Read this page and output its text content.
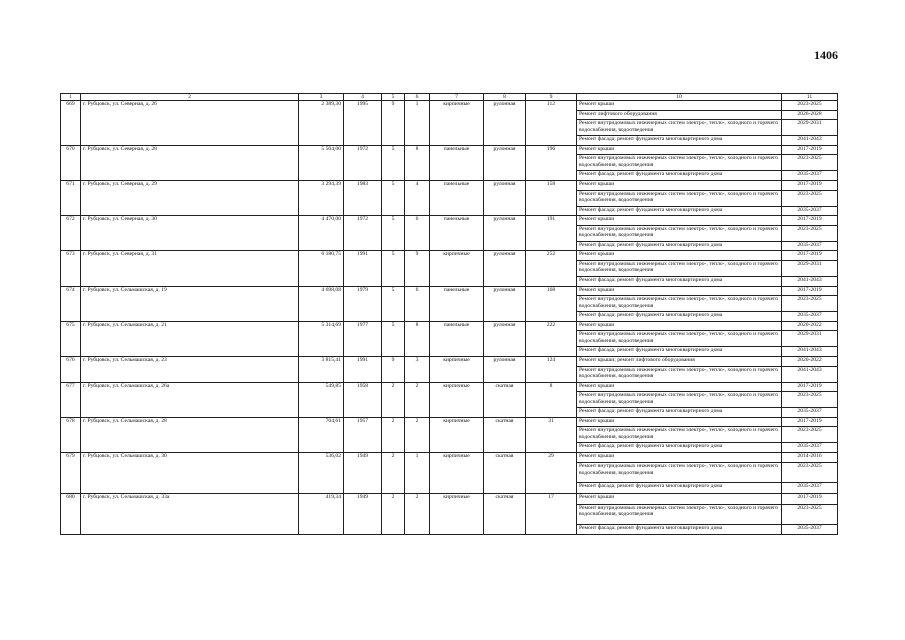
1406
1	2	3	4	5	6	7	8	9	10	11
669	г. Рубцовск, ул. Северная, д. 26	2 389,30	1995	9	1	кирпичные	рулонная	112	Ремонт крыши	2023-2025
									Ремонт лифтового оборудования	2026-2028
									Ремонт внутридомовых инженерных систем электро-, тепло-, холодного и горячего водоснабжения, водоотведения	2029-2031
									Ремонт фасада; ремонт фундамента многоквартирного дома	2041-2043
670	г. Рубцовск, ул. Северная, д. 28	5 504,00	1972	5	8	панельные	рулонная	196	Ремонт крыши	2017-2019
									Ремонт внутридомовых инженерных систем электро-, тепло-, холодного и горячего водоснабжения, водоотведения	2023-2025
									Ремонт фасада; ремонт фундамента многоквартирного дома	2035-2037
671	г. Рубцовск, ул. Северная, д. 29	3 294,39	1983	5	4	панельные	рулонная	158	Ремонт крыши	2017-2019
									Ремонт внутридомовых инженерных систем электро-, тепло-, холодного и горячего водоснабжения, водоотведения	2023-2025
									Ремонт фасада; ремонт фундамента многоквартирного дома	2035-2037
672	г. Рубцовск, ул. Северная, д. 30	4 470,00	1972	5	6	панельные	рулонная	191	Ремонт крыши	2017-2019
									Ремонт внутридомовых инженерных систем электро-, тепло-, холодного и горячего водоснабжения, водоотведения	2023-2025
									Ремонт фасада; ремонт фундамента многоквартирного дома	2035-2037
673	г. Рубцовск, ул. Северная, д. 31	6 180,75	1991	5	9	кирпичные	рулонная	252	Ремонт крыши	2017-2019
									Ремонт внутридомовых инженерных систем электро-, тепло-, холодного и горячего водоснабжения, водоотведения	2029-2031
									Ремонт фасада; ремонт фундамента многоквартирного дома	2041-2043
674	г. Рубцовск, ул. Сельмашская, д. 19	4 698,08	1979	5	6	панельные	рулонная	168	Ремонт крыши	2017-2019
									Ремонт внутридомовых инженерных систем электро-, тепло-, холодного и горячего водоснабжения, водоотведения	2023-2025
									Ремонт фасада; ремонт фундамента многоквартирного дома	2035-2037
675	г. Рубцовск, ул. Сельмашская, д. 21	5 314,69	1977	5	8	панельные	рулонная	222	Ремонт крыши	2020-2022
									Ремонт внутридомовых инженерных систем электро-, тепло-, холодного и горячего водоснабжения, водоотведения	2029-2031
									Ремонт фасада; ремонт фундамента многоквартирного дома	2041-2043
676	г. Рубцовск, ул. Сельмашская, д. 23	3 815,41	1991	9	3	кирпичные	рулонная	124	Ремонт крыши; ремонт лифтового оборудования	2020-2022
									Ремонт внутридомовых инженерных систем электро-, тепло-, холодного и горячего водоснабжения, водоотведения	2041-2043
677	г. Рубцовск, ул. Сельмашская, д. 26а	549,85	1958	2	2	кирпичные	скатная	8	Ремонт крыши	2017-2019
									Ремонт внутридомовых инженерных систем электро-, тепло-, холодного и горячего водоснабжения, водоотведения	2023-2025
									Ремонт фасада; ремонт фундамента многоквартирного дома	2035-2037
678	г. Рубцовск, ул. Сельмашская, д. 28	704,61	1957	2	2	кирпичные	скатная	31	Ремонт крыши	2017-2019
									Ремонт внутридомовых инженерных систем электро-, тепло-, холодного и горячего водоснабжения, водоотведения	2023-2025
									Ремонт фасада; ремонт фундамента многоквартирного дома	2035-2037
679	г. Рубцовск, ул. Сельмашская, д. 30	536,02	1949	2	1	кирпичные	скатная	29	Ремонт крыши	2014-2016
									Ремонт внутридомовых инженерных систем электро-, тепло-, холодного и горячего водоснабжения, водоотведения	2023-2025
									Ремонт фасада; ремонт фундамента многоквартирного дома	2035-2037
680	г. Рубцовск, ул. Сельмашская, д. 33а	419,34	1949	2	2	кирпичные	скатная	17	Ремонт крыши	2017-2019
									Ремонт внутридомовых инженерных систем электро-, тепло-, холодного и горячего водоснабжения, водоотведения	2023-2025
									Ремонт фасада; ремонт фундамента многоквартирного дома	2035-2037
